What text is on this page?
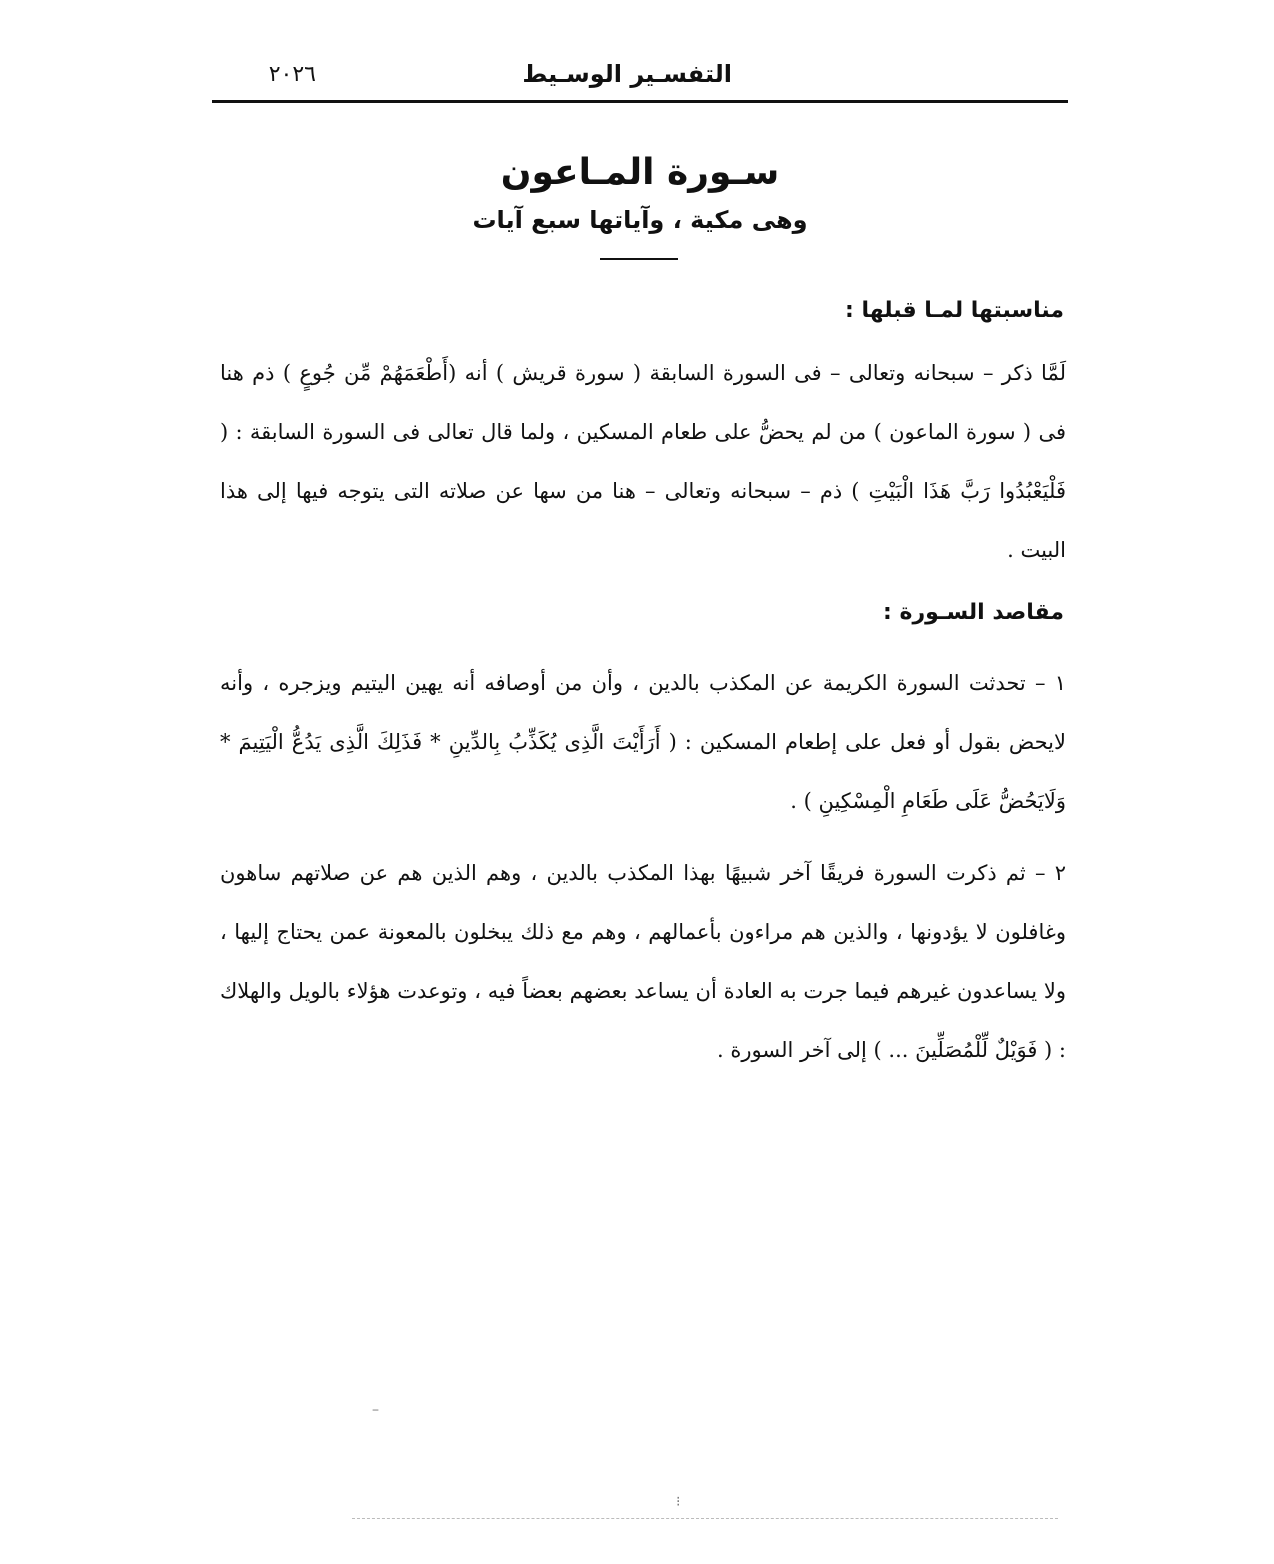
التفسـير الوسـيط
٢٠٢٦
سـورة المـاعون
وهى مكية ، وآياتها سبع آيات
مناسبتها لمـا قبلها :
لَمَّا ذكر – سبحانه وتعالى – فى السورة السابقة ( سورة قريش ) أنه (أَطْعَمَهُمْ مِّن جُوعٍ ) ذم هنا فى ( سورة الماعون ) من لم يحضُّ على طعام المسكين ، ولما قال تعالى فى السورة السابقة : ( فَلْيَعْبُدُوا رَبَّ هَذَا الْبَيْتِ ) ذم – سبحانه وتعالى – هنا من سها عن صلاته التى يتوجه فيها إلى هذا البيت .
مقاصد السـورة :
١ – تحدثت السورة الكريمة عن المكذب بالدين ، وأن من أوصافه أنه يهين اليتيم ويزجره ، وأنه لايحض بقول أو فعل على إطعام المسكين : ( أَرَأَيْتَ الَّذِى يُكَذِّبُ بِالدِّينِ * فَذَلِكَ الَّذِى يَدُعُّ الْيَتِيمَ * وَلَايَحُضُّ عَلَى طَعَامِ الْمِسْكِينِ ) .
٢ – ثم ذكرت السورة فريقًا آخر شبيهًا بهذا المكذب بالدين ، وهم الذين هم عن صلاتهم ساهون وغافلون لا يؤدونها ، والذين هم مراءون بأعمالهم ، وهم مع ذلك يبخلون بالمعونة عمن يحتاج إليها ، ولا يساعدون غيرهم فيما جرت به العادة أن يساعد بعضهم بعضاً فيه ، وتوعدت هؤلاء بالويل والهلاك : ( فَوَيْلٌ لِّلْمُصَلِّينَ ... ) إلى آخر السورة .
–
⁝
